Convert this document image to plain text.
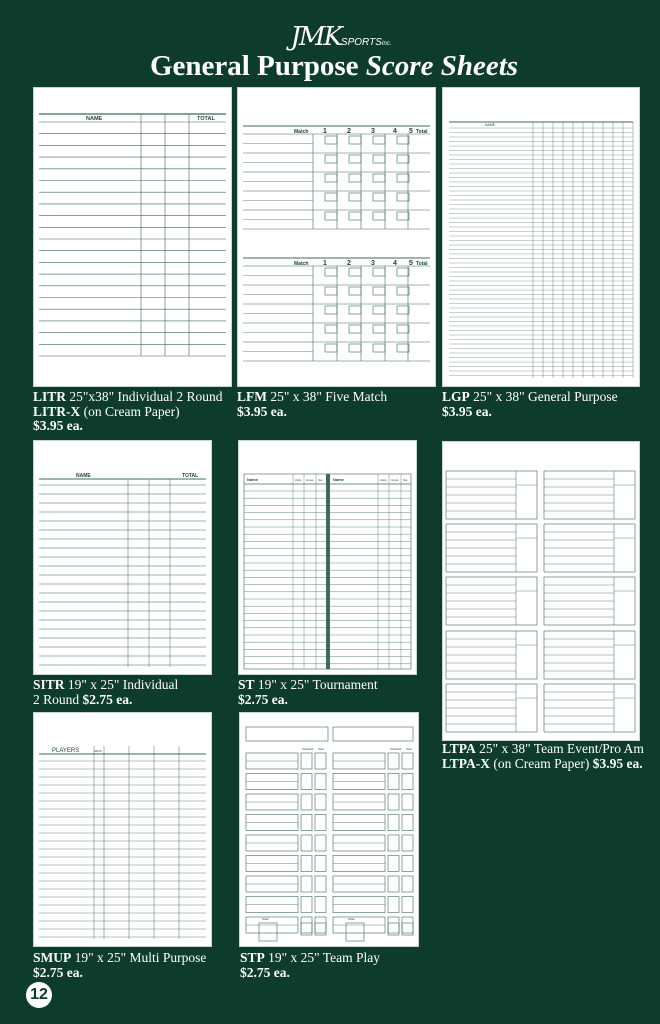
JMKSPORTSInc.
General Purpose Score Sheets
NAME	TOTAL
LITR 25"x38" Individual 2 Round
LITR-X (on Cream Paper)
$3.95 ea.
Match 1	2	3	4 5 Total
Match 1	2	3	4 5 Total
LFM 25" x 38" Five Match
$3.95 ea.
NAME
LGP 25" x 38" General Purpose
$3.95 ea.
NAME	TOTAL
SITR 19" x 25" Individual
2 Round $2.75 ea.
Name	Hdcp Gross Net	Name	Hdcp Gross Net
ST 19" x 25" Tournament
$2.75 ea.
LTPA 25" x 38" Team Event/Pro Am
LTPA-X (on Cream Paper) $3.95 ea.
PLAYERS	HDCP
SMUP 19" x 25" Multi Purpose
$2.75 ea.
Individual Team	Individual Team
Total	Total
STP 19" x 25" Team Play
$2.75 ea.
12
